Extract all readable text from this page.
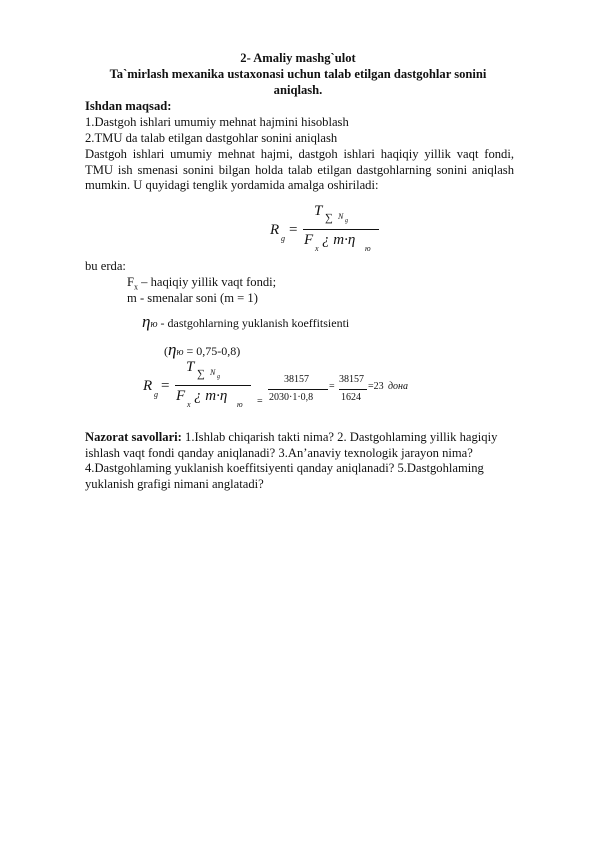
2- Amaliy mashg`ulot
Ta`mirlash mexanika ustaxonasi uchun talab etilgan dastgohlar sonini
aniqlash.
Ishdan maqsad:
1.Dastgoh ishlari umumiy mehnat hajmini hisoblash
2.TMU da talab etilgan dastgohlar sonini aniqlash
Dastgoh ishlari umumiy mehnat hajmi, dastgoh ishlari haqiqiy yillik vaqt fondi, TMU ish smenasi sonini bilgan holda talab etilgan dastgohlarning sonini aniqlash mumkin. U quyidagi tenglik yordamida amalga oshiriladi:
R
g
=
T ∑ N g
F
x
¿ m·η
ю
bu erda:
$F_x$ – haqiqiy yillik vaqt fondi;
m - smenalar soni (m = 1)
ηю - dastgohlarning yuklanish koeffitsienti
(ηю = 0,75-0,8)
R
g
=
T ∑ N g
F
x
¿ m·η
ю =
38157
2030·1·0,8
=
38157
1624
=23 дона
Nazorat savollari: 1.Ishlab chiqarish takti nima? 2. Dastgohlaming yillik hagiqiy ishlash vaqt fondi qanday aniqlanadi? 3.An’anaviy texnologik jarayon nima? 4.Dastgohlaming yuklanish koeffitsiyenti qanday aniqlanadi? 5.Dastgohlaming yuklanish grafigi nimani anglatadi?
